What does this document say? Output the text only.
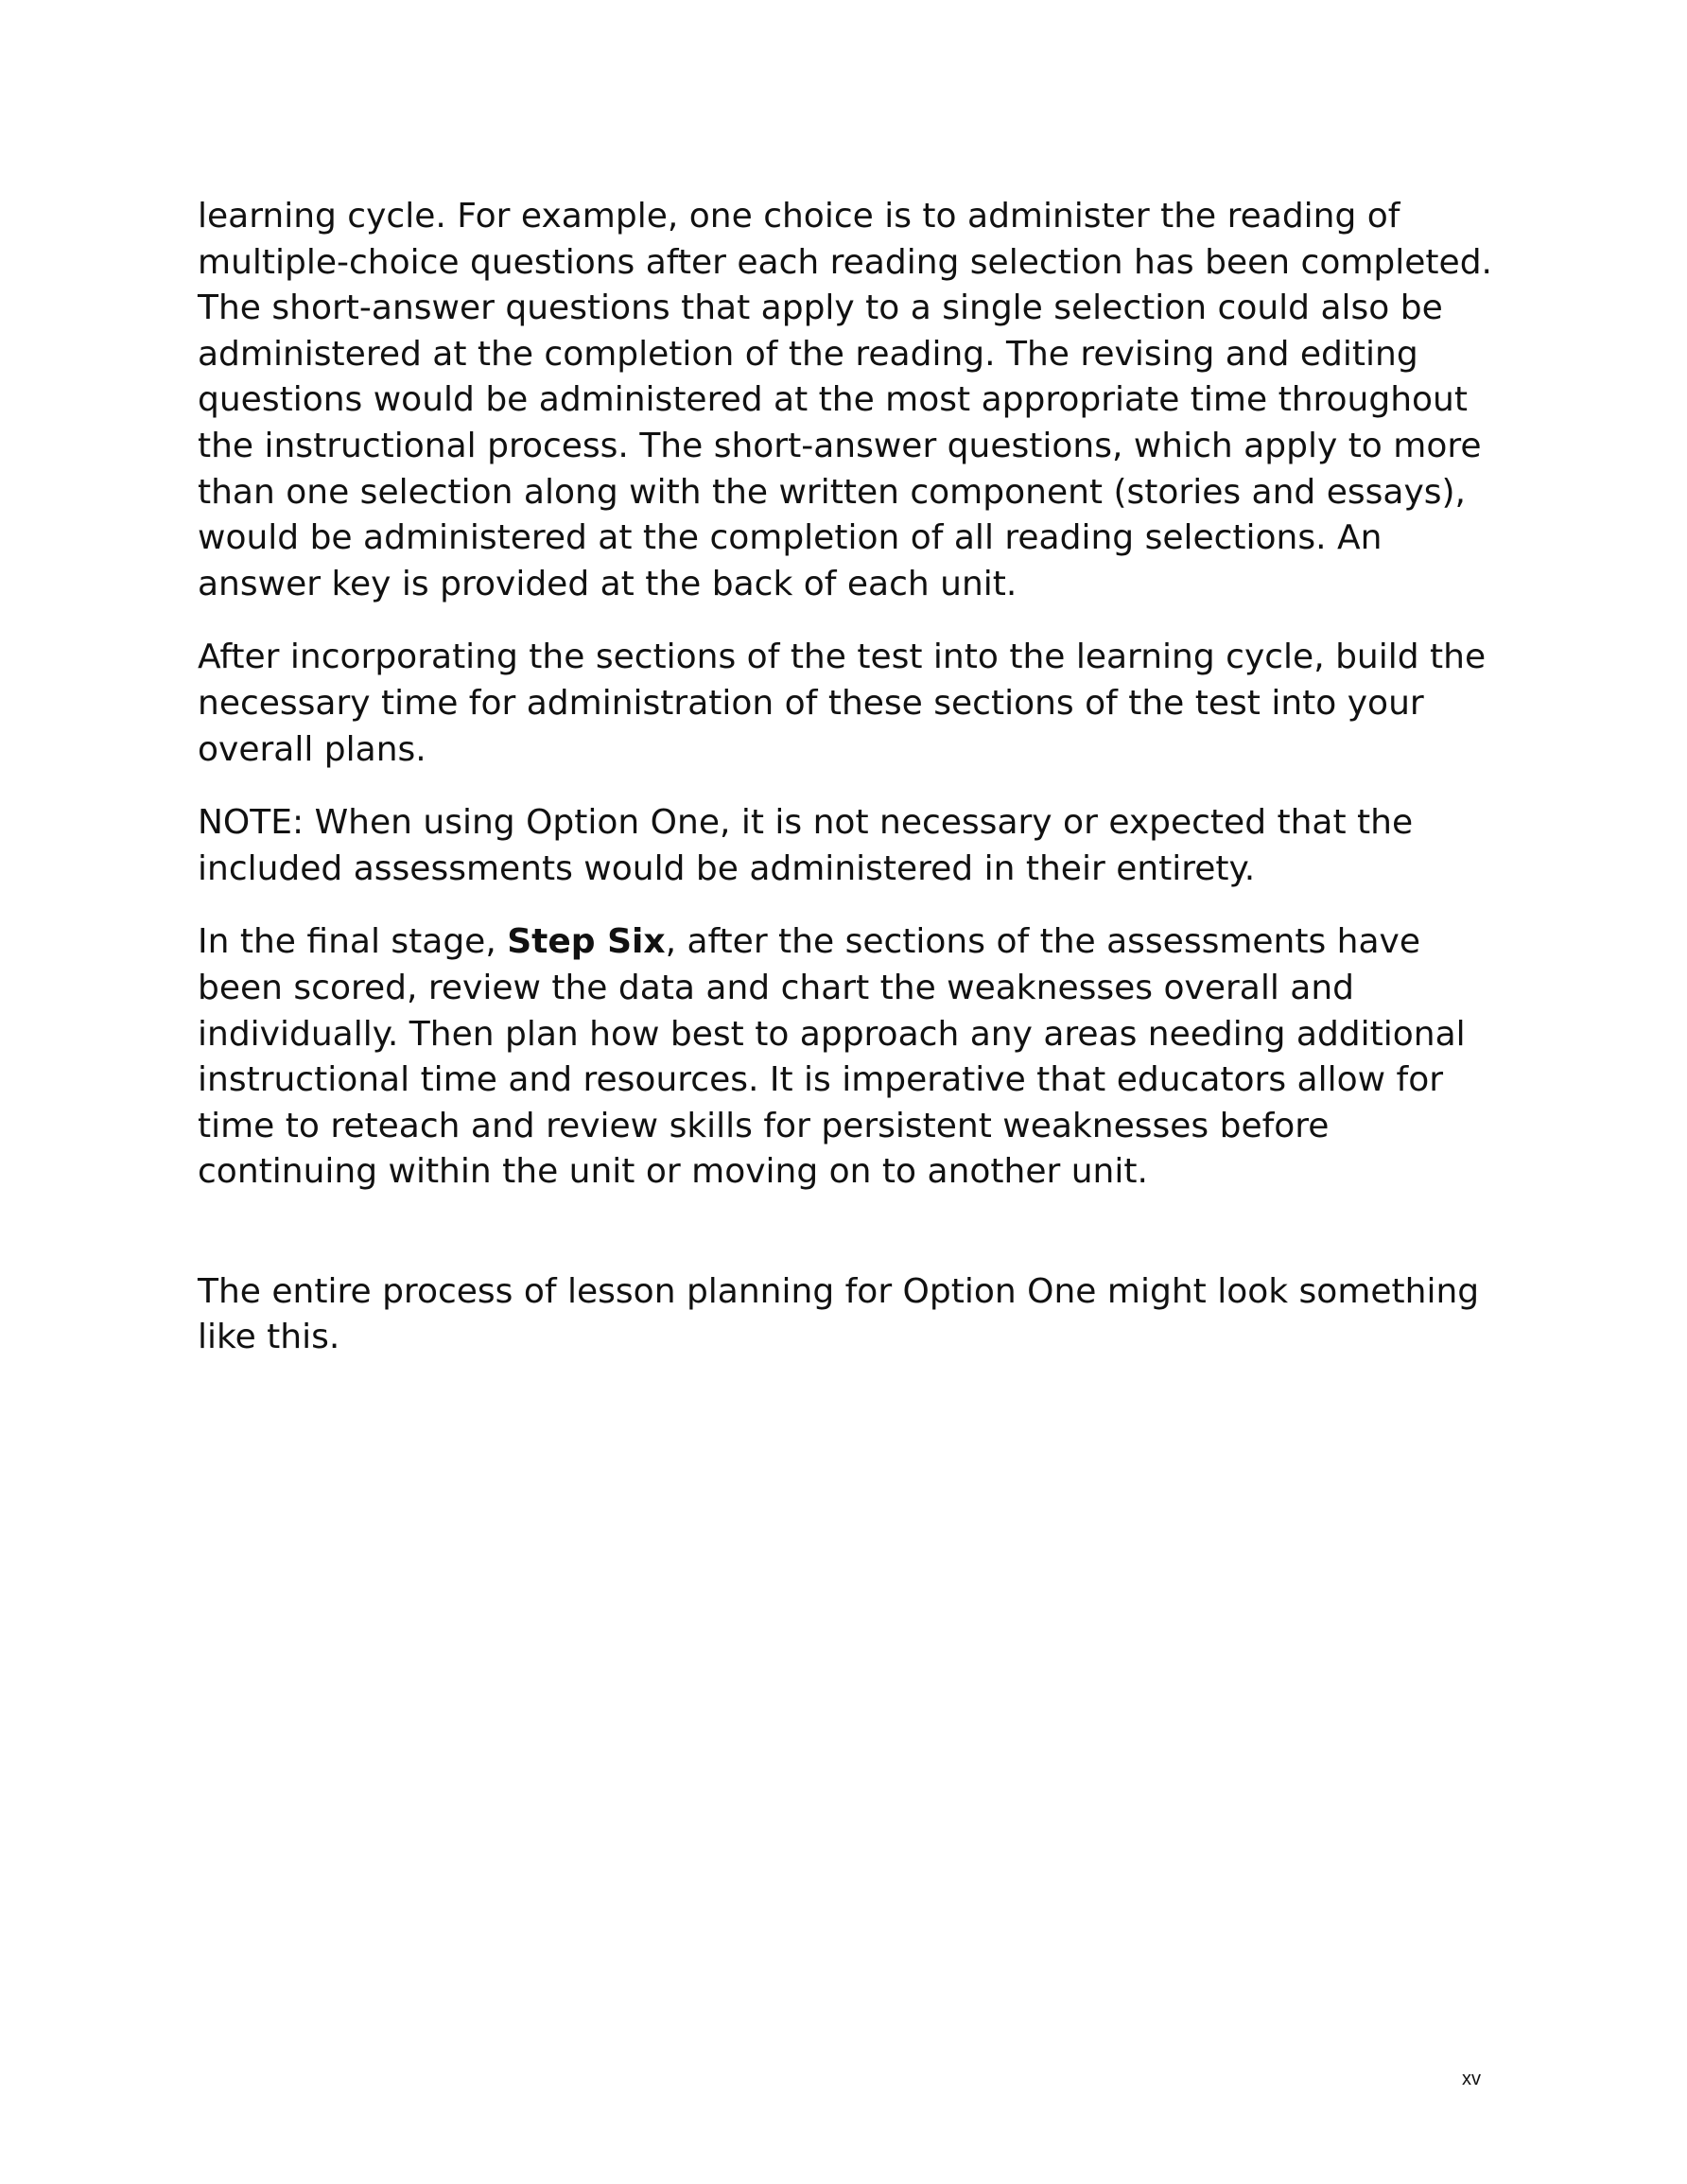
learning cycle. For example, one choice is to administer the reading of multiple-choice questions after each reading selection has been completed. The short-answer questions that apply to a single selection could also be administered at the completion of the reading. The revising and editing questions would be administered at the most appropriate time throughout the instructional process. The short-answer questions, which apply to more than one selection along with the written component (stories and essays), would be administered at the completion of all reading selections. An answer key is provided at the back of each unit.

After incorporating the sections of the test into the learning cycle, build the necessary time for administration of these sections of the test into your overall plans.

NOTE: When using Option One, it is not necessary or expected that the included assessments would be administered in their entirety.

In the final stage, Step Six, after the sections of the assessments have been scored, review the data and chart the weaknesses overall and individually. Then plan how best to approach any areas needing additional instructional time and resources. It is imperative that educators allow for time to reteach and review skills for persistent weaknesses before continuing within the unit or moving on to another unit.

The entire process of lesson planning for Option One might look something like this.

xv
